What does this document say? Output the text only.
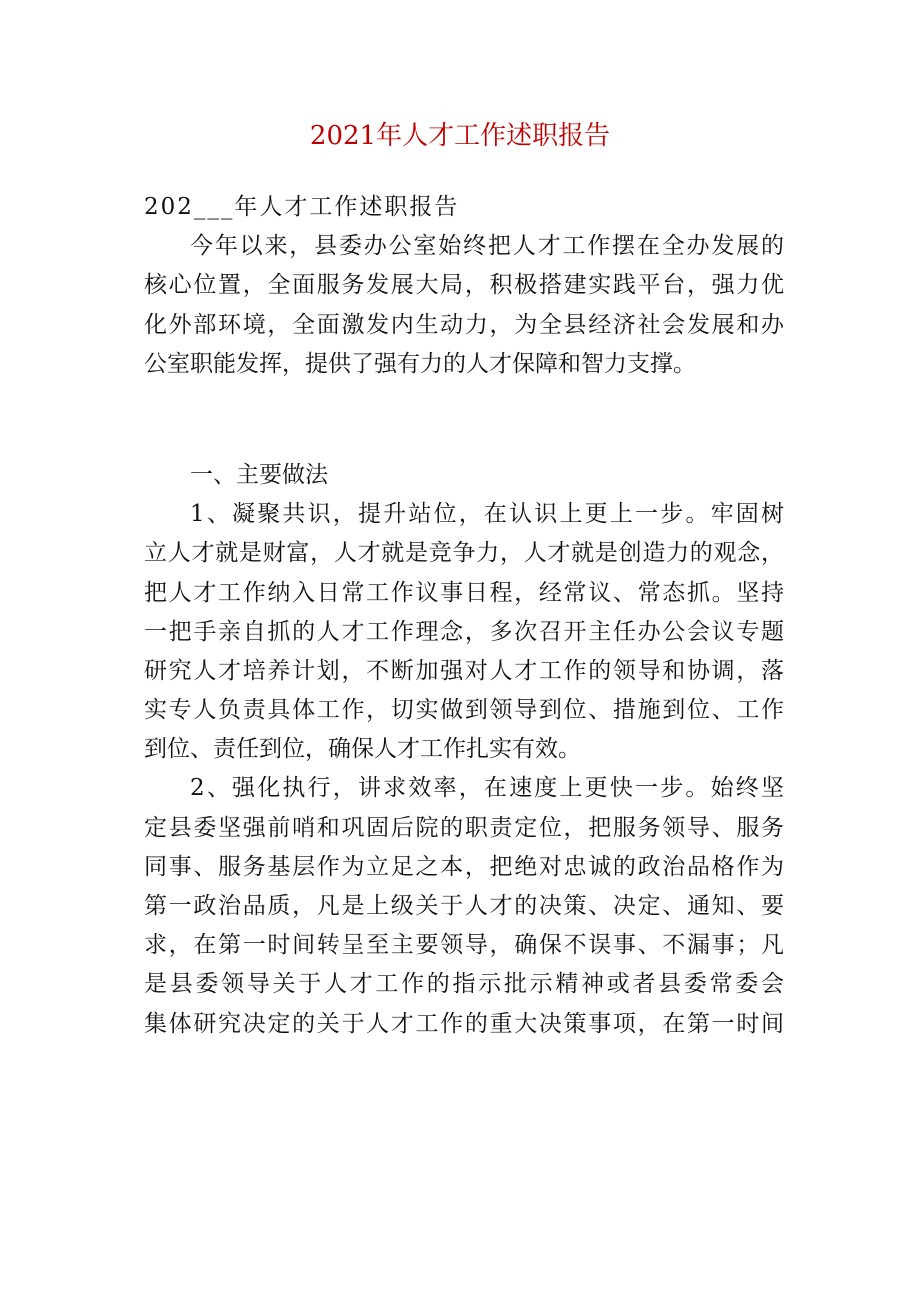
2021年人才工作述职报告
202___年人才工作述职报告
今年以来，县委办公室始终把人才工作摆在全办发展的
核心位置，全面服务发展大局，积极搭建实践平台，强力优
化外部环境，全面激发内生动力，为全县经济社会发展和办
公室职能发挥，提供了强有力的人才保障和智力支撑。
一、主要做法
1、凝聚共识，提升站位，在认识上更上一步。牢固树
立人才就是财富，人才就是竞争力，人才就是创造力的观念，
把人才工作纳入日常工作议事日程，经常议、常态抓。坚持
一把手亲自抓的人才工作理念，多次召开主任办公会议专题
研究人才培养计划，不断加强对人才工作的领导和协调，落
实专人负责具体工作，切实做到领导到位、措施到位、工作
到位、责任到位，确保人才工作扎实有效。
2、强化执行，讲求效率，在速度上更快一步。始终坚
定县委坚强前哨和巩固后院的职责定位，把服务领导、服务
同事、服务基层作为立足之本，把绝对忠诚的政治品格作为
第一政治品质，凡是上级关于人才的决策、决定、通知、要
求，在第一时间转呈至主要领导，确保不误事、不漏事；凡
是县委领导关于人才工作的指示批示精神或者县委常委会
集体研究决定的关于人才工作的重大决策事项，在第一时间
